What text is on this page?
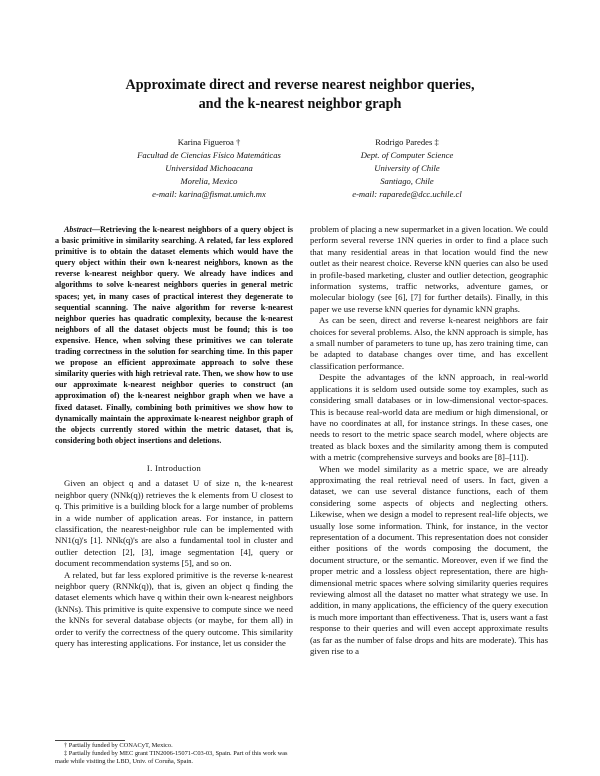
Approximate direct and reverse nearest neighbor queries,
and the k-nearest neighbor graph
Karina Figueroa †
Facultad de Ciencias Físico Matemáticas
Universidad Michoacana
Morelia, Mexico
e-mail: karina@fismat.umich.mx
Rodrigo Paredes ‡
Dept. of Computer Science
University of Chile
Santiago, Chile
e-mail: raparede@dcc.uchile.cl

Abstract—Retrieving the k-nearest neighbors of a query object is a basic primitive in similarity searching. A related, far less explored primitive is to obtain the dataset elements which would have the query object within their own k-nearest neighbors, known as the reverse k-nearest neighbor query. We already have indices and algorithms to solve k-nearest neighbors queries in general metric spaces; yet, in many cases of practical interest they degenerate to sequential scanning. The naive algorithm for reverse k-nearest neighbor queries has quadratic complexity, because the k-nearest neighbors of all the dataset objects must be found; this is too expensive. Hence, when solving these primitives we can tolerate trading correctness in the solution for searching time. In this paper we propose an efficient approximate approach to solve these similarity queries with high retrieval rate. Then, we show how to use our approximate k-nearest neighbor queries to construct (an approximation of) the k-nearest neighbor graph when we have a fixed dataset. Finally, combining both primitives we show how to dynamically maintain the approximate k-nearest neighbor graph of the objects currently stored within the metric dataset, that is, considering both object insertions and deletions.

I. Introduction

Given an object q and a dataset U of size n, the k-nearest neighbor query (NNk(q)) retrieves the k elements from U closest to q. This primitive is a building block for a large number of problems in a wide number of application areas. For instance, in pattern classification, the nearest-neighbor rule can be implemented with NN1(q)'s [1]. NNk(q)'s are also a fundamental tool in cluster and outlier detection [2], [3], image segmentation [4], query or document recommendation systems [5], and so on.

A related, but far less explored primitive is the reverse k-nearest neighbor query (RNNk(q)), that is, given an object q finding the dataset elements which have q within their own k-nearest neighbors (kNNs). This primitive is quite expensive to compute since we need the kNNs for several database objects (or maybe, for them all) in order to verify the correctness of the query outcome. This similarity query has interesting applications. For instance, let us consider the

problem of placing a new supermarket in a given location. We could perform several reverse 1NN queries in order to find a place such that many residential areas in that location would find the new outlet as their nearest choice. Reverse kNN queries can also be used in profile-based marketing, cluster and outlier detection, geographic information systems, traffic networks, adventure games, or molecular biology (see [6], [7] for further details). Finally, in this paper we use reverse kNN queries for dynamic kNN graphs.

As can be seen, direct and reverse k-nearest neighbors are fair choices for several problems. Also, the kNN approach is simple, has a small number of parameters to tune up, has zero training time, can be adapted to database changes over time, and has excellent classification performance.

Despite the advantages of the kNN approach, in real-world applications it is seldom used outside some toy examples, such as considering small databases or in low-dimensional vector-spaces. This is because real-world data are medium or high dimensional, or have no coordinates at all, for instance strings. In these cases, one needs to resort to the metric space search model, where objects are treated as black boxes and the similarity among them is computed with a metric (comprehensive surveys and books are [8]–[11]).

When we model similarity as a metric space, we are already approximating the real retrieval need of users. In fact, given a dataset, we can use several distance functions, each of them considering some aspects of objects and neglecting others. Likewise, when we design a model to represent real-life objects, we usually lose some information. Think, for instance, in the vector representation of a document. This representation does not consider either positions of the words composing the document, the document structure, or the semantic. Moreover, even if we find the proper metric and a lossless object representation, there are high-dimensional metric spaces where solving similarity queries requires reviewing almost all the dataset no matter what strategy we use. In addition, in many applications, the efficiency of the query execution is much more important than effectiveness. That is, users want a fast response to their queries and will even accept approximate results (as far as the number of false drops and hits are moderate). This has given rise to a

† Partially funded by CONACyT, Mexico.
‡ Partially funded by MEC grant TIN2006-15071-C03-03, Spain. Part of this work was made while visiting the LBD, Univ. of Coruña, Spain.
